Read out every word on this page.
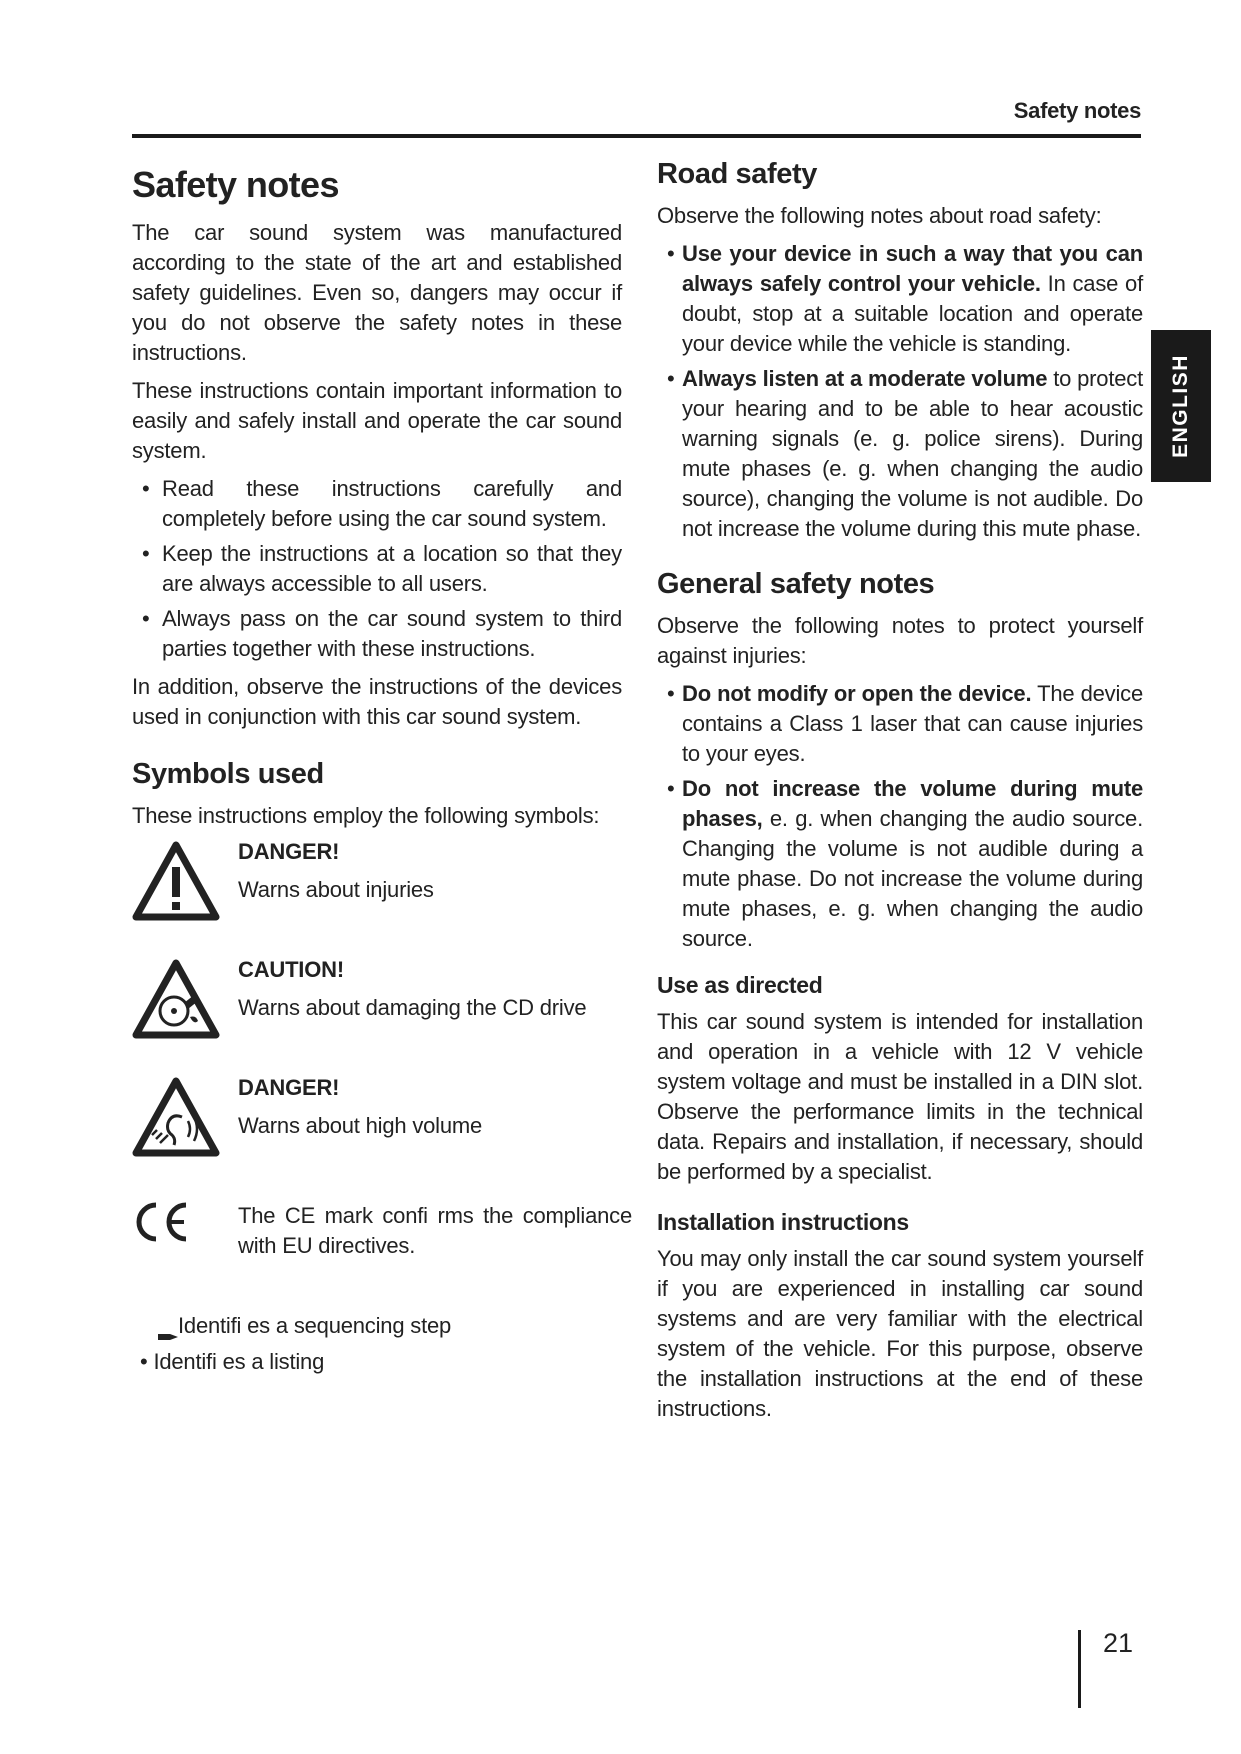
Safety notes
ENGLISH
Safety notes

The car sound system was manufactured according to the state of the art and established safety guidelines. Even so, dangers may occur if you do not observe the safety notes in these instructions.

These instructions contain important information to easily and safely install and operate the car sound system.

• Read these instructions carefully and completely before using the car sound system.
• Keep the instructions at a location so that they are always accessible to all users.
• Always pass on the car sound system to third parties together with these instructions.

In addition, observe the instructions of the devices used in conjunction with this car sound system.

Symbols used

These instructions employ the following symbols:

DANGER!
Warns about injuries
CAUTION!
Warns about damaging the CD drive
DANGER!
Warns about high volume
The CE mark confi rms the compliance with EU directives.
Identifi es a sequencing step
• Identifi es a listing
Road safety

Observe the following notes about road safety:

• Use your device in such a way that you can always safely control your vehicle. In case of doubt, stop at a suitable location and operate your device while the vehicle is standing.
• Always listen at a moderate volume to protect your hearing and to be able to hear acoustic warning signals (e. g. police sirens). During mute phases (e. g. when changing the audio source), changing the volume is not audible. Do not increase the volume during this mute phase.
General safety notes

Observe the following notes to protect yourself against injuries:

• Do not modify or open the device. The device contains a Class 1 laser that can cause injuries to your eyes.
• Do not increase the volume during mute phases, e. g. when changing the audio source. Changing the volume is not audible during a mute phase. Do not increase the volume during mute phases, e. g. when changing the audio source.
Use as directed

This car sound system is intended for installation and operation in a vehicle with 12 V vehicle system voltage and must be installed in a DIN slot. Observe the performance limits in the technical data. Repairs and installation, if necessary, should be performed by a specialist.

Installation instructions

You may only install the car sound system yourself if you are experienced in installing car sound systems and are very familiar with the electrical system of the vehicle. For this purpose, observe the installation instructions at the end of these instructions.

21
